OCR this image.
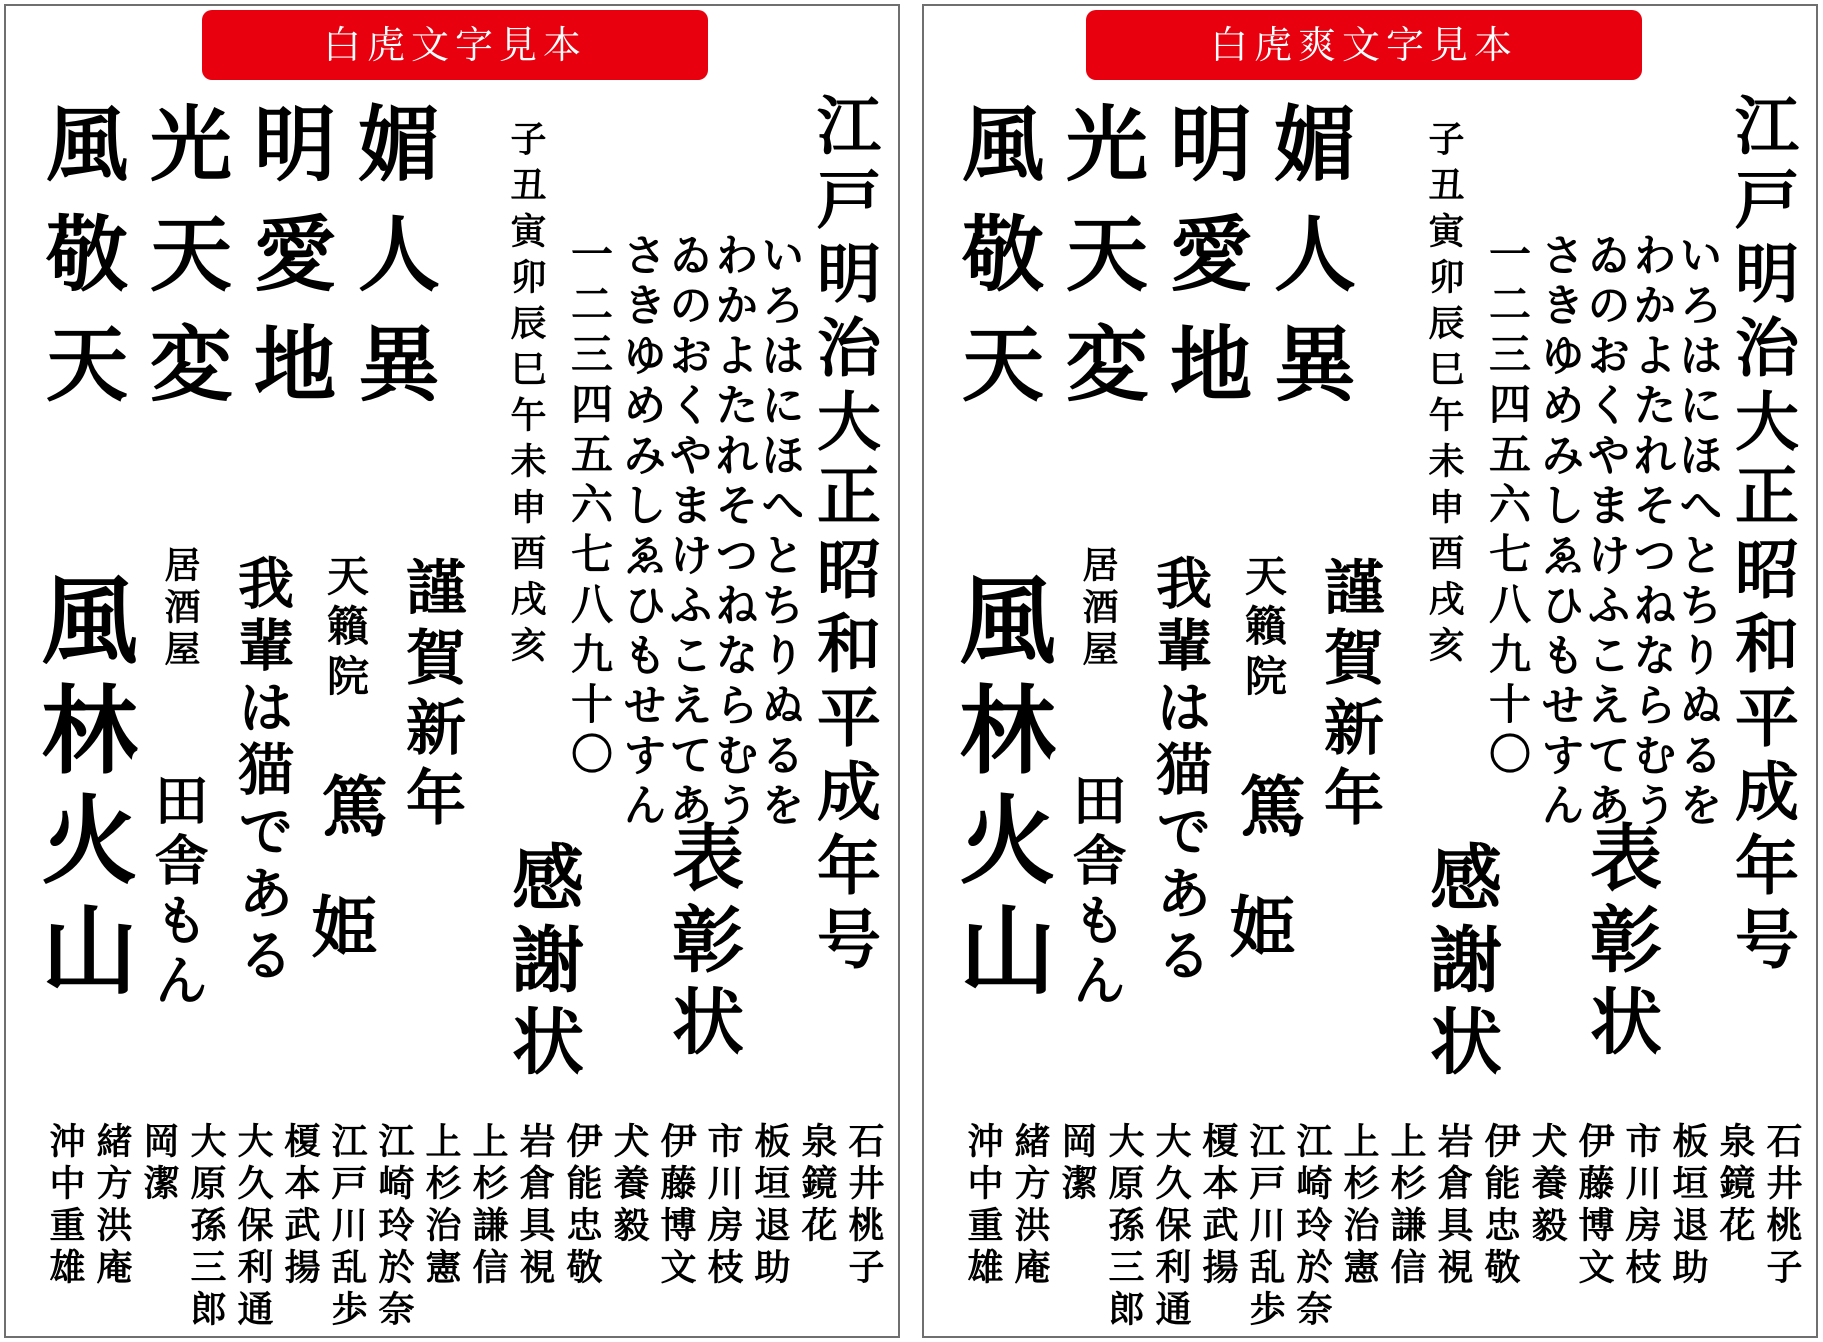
白虎文字見本
風光明媚
敬天愛人
天変地異	江戸明治大正昭和平成年号
いろはにほへとちりぬるを
わかよたれそつねならむう
ゐのおくやまけふこえてあ
さきゆめみしゑひもせすん
一二三四五六七八九十〇
子丑寅卯辰巳午未申酉戌亥
謹賀新年
天籟院
篤
姫
我輩は猫である
居酒屋
田舎もん
風林火山	表彰状
感謝状
石井桃子
泉鏡花
板垣退助
市川房枝
伊藤博文
犬養毅
伊能忠敬
岩倉具視
上杉謙信
上杉治憲
江崎玲於奈
江戸川乱歩
榎本武揚
大久保利通
大原孫三郎
岡潔
緒方洪庵
沖中重雄
白虎爽文字見本
風光明媚
敬天愛人
天変地異	江戸明治大正昭和平成年号
いろはにほへとちりぬるを
わかよたれそつねならむう
ゐのおくやまけふこえてあ
さきゆめみしゑひもせすん
一二三四五六七八九十〇
子丑寅卯辰巳午未申酉戌亥
謹賀新年
天籟院
篤
姫
我輩は猫である
居酒屋
田舎もん
風林火山	表彰状
感謝状
石井桃子
泉鏡花
板垣退助
市川房枝
伊藤博文
犬養毅
伊能忠敬
岩倉具視
上杉謙信
上杉治憲
江崎玲於奈
江戸川乱歩
榎本武揚
大久保利通
大原孫三郎
岡潔
緒方洪庵
沖中重雄
